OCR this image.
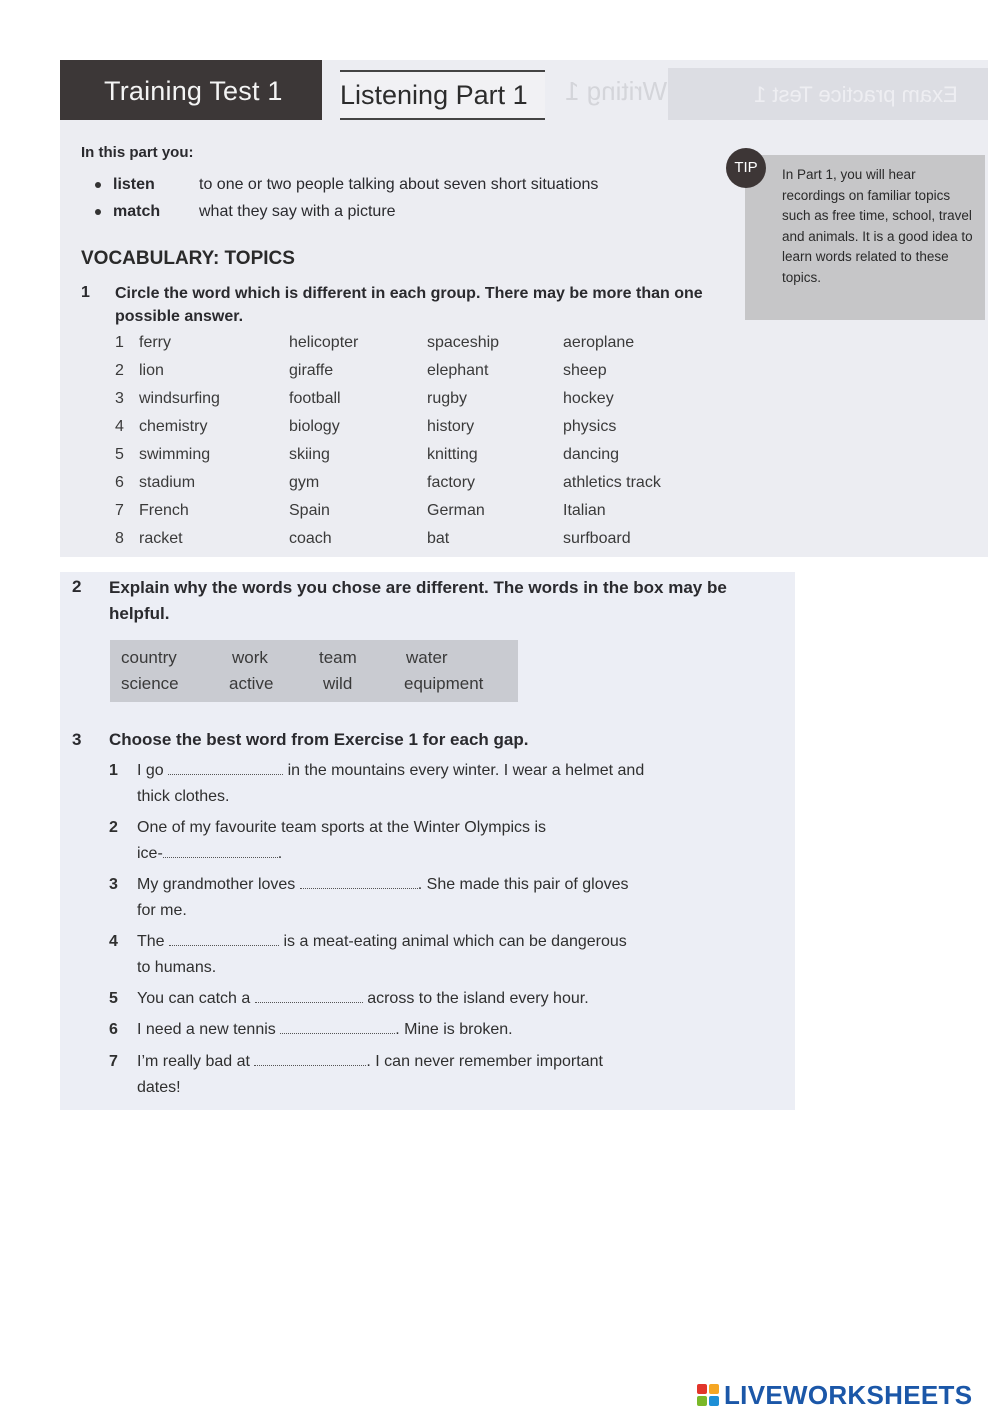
Exam practice Test 1
Writing 1
Training Test 1 Listening Part 1
In this part you:
listen	to one or two people talking about seven short situations
match what they say with a picture

In Part 1, you will hear recordings on familiar topics such as free time, school, travel and animals. It is a good idea to learn words related to these topics.

TIP
VOCABULARY: TOPICS
1 Circle the word which is different in each group. There may be more than one possible answer.
1 ferry	helicopter	spaceship	aeroplane
2 lion	giraffe	elephant	sheep
3 windsurfing	football	rugby	hockey
4 chemistry	biology	history	physics
5 swimming	skiing	knitting	dancing
6 stadium	gym	factory	athletics track
7 French	Spain	German	Italian
8 racket	coach	bat	surfboard
2 Explain why the words you chose are different. The words in the box may be helpful.
country	work	team	water
science	active	wild	equipment
3 Choose the best word from Exercise 1 for each gap.
1 I go	in the mountains every winter. I wear a helmet and
thick clothes.
2 One of my favourite team sports at the Winter Olympics is
ice-	.
3 My grandmother loves	. She made this pair of gloves
for me.
4 The	is a meat-eating animal which can be dangerous
to humans.
5 You can catch a	across to the island every hour.
6 I need a new tennis	. Mine is broken.
7 I’m really bad at	. I can never remember important
dates!
LIVEWORKSHEETS
